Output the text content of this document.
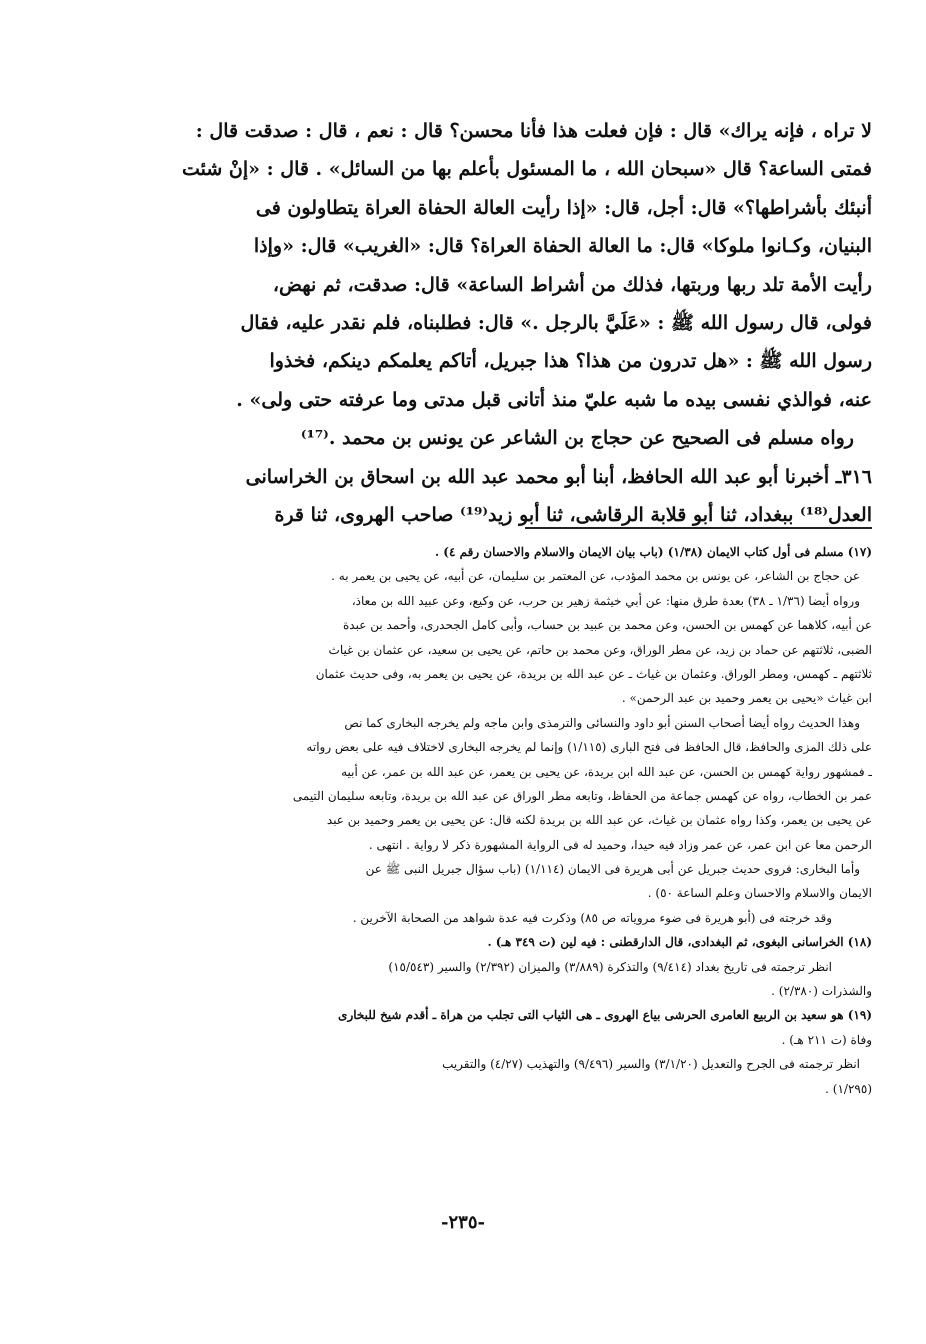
لا تراه ، فإنه يراك» قال : فإن فعلت هذا فأنا محسن؟ قال : نعم ، قال : صدقت قال :
فمتى الساعة؟ قال «سبحان الله ، ما المسئول بأعلم بها من السائل» . قال : «إنْ شئت
أنبئك بأشراطها؟» قال: أجل، قال: «إذا رأيت العالة الحفاة العراة يتطاولون فى
البنيان، وكـانوا ملوكا» قال: ما العالة الحفاة العراة؟ قال: «الغريب» قال: «وإذا
رأيت الأمة تلد ربها وربتها، فذلك من أشراط الساعة» قال: صدقت، ثم نهض،
فولى، قال رسول الله ﷺ : «عَلَيَّ بالرجل .» قال: فطلبناه، فلم نقدر عليه، فقال
رسول الله ﷺ : «هل تدرون من هذا؟ هذا جبريل، أتاكم يعلمكم دينكم، فخذوا
عنه، فوالذي نفسى بيده ما شبه عليّ منذ أتانى قبل مدتى وما عرفته حتى ولى» .
رواه مسلم فى الصحيح عن حجاج بن الشاعر عن يونس بن محمد .⁽¹⁷⁾
٣١٦ـ أخبرنا أبو عبد الله الحافظ، أبنا أبو محمد عبد الله بن اسحاق بن الخراسانى
العدل⁽¹⁸⁾ ببغداد، ثنا أبو قلابة الرقاشى، ثنا أبو زيد⁽¹⁹⁾ صاحب الهروى، ثنا قرة
(١٧) مسلم فى أول كتاب الايمان (١/٣٨) (باب بيان الايمان والاسلام والاحسان رقم ٤) .
عن حجاج بن الشاعر، عن يونس بن محمد المؤدب، عن المعتمر بن سليمان، عن أبيه، عن يحيى بن يعمر به .
ورواه أيضا (١/٣٦ ـ ٣٨) بعدة طرق منها: عن أبي خيثمة زهير بن حرب، عن وكيع، وعن عبيد الله بن معاذ،
عن أبيه، كلاهما عن كهمس بن الحسن، وعن محمد بن عبيد بن حساب، وأبى كامل الجحدرى، وأحمد بن عبدة
الضبى، ثلاثتهم عن حماد بن زيد، عن مطر الوراق، وعن محمد بن حاتم، عن يحيى بن سعيد، عن عثمان بن غياث
ثلاثتهم ـ كهمس، ومطر الوراق. وعثمان بن غياث ـ عن عبد الله بن بريدة، عن يحيى بن يعمر به، وفى حديث عثمان
ابن غياث «يحيى بن يعمر وحميد بن عبد الرحمن» .
وهذا الحديث رواه أيضا أصحاب السنن أبو داود والنسائى والترمذى وابن ماجه ولم يخرجه البخارى كما نص
على ذلك المزى والحافظ، قال الحافظ فى فتح البارى (١/١١٥) وإنما لم يخرجه البخارى لاختلاف فيه على بعض رواته
ـ فمشهور رواية كهمس بن الحسن، عن عبد الله ابن بريدة، عن يحيى بن يعمر، عن عبد الله بن عمر، عن أبيه
عمر بن الخطاب، رواه عن كهمس جماعة من الحفاظ، وتابعه مطر الوراق عن عبد الله بن بريدة، وتابعه سليمان التيمى
عن يحيى بن يعمر، وكذا رواه عثمان بن غياث، عن عبد الله بن بريدة لكنه قال: عن يحيى بن يعمر وحميد بن عبد
الرحمن معا عن ابن عمر، عن عمر وزاد فيه حيدا، وحميد له فى الرواية المشهورة ذكر لا رواية . انتهى .
وأما البخارى: فروى حديث جبريل عن أبى هريرة فى الايمان (١/١١٤) (باب سؤال جبريل النبى ﷺ عن
الايمان والاسلام والاحسان وعلم الساعة ٥٠) .
وقد خرجته فى (أبو هريرة فى ضوء مروياته ص ٨٥) وذكرت فيه عدة شواهد من الصحابة الآخرين .
(١٨) الخراسانى البغوى، ثم البغدادى، قال الدارقطنى : فيه لين (ت ٣٤٩ هـ) .
انظر ترجمته فى تاريخ بغداد (٩/٤١٤) والتذكرة (٣/٨٨٩) والميزان (٢/٣٩٢) والسير (١٥/٥٤٣)
والشذرات (٢/٣٨٠) .
(١٩) هو سعيد بن الربيع العامرى الحرشى بياع الهروى ـ هى الثياب التى تجلب من هراة ـ أقدم شيخ للبخارى
وفاة (ت ٢١١ هـ) .
انظر ترجمته فى الجرح والتعديل (٣/١/٢٠) والسير (٩/٤٩٦) والتهذيب (٤/٢٧) والتقريب
(١/٢٩٥) .
-٢٣٥-
